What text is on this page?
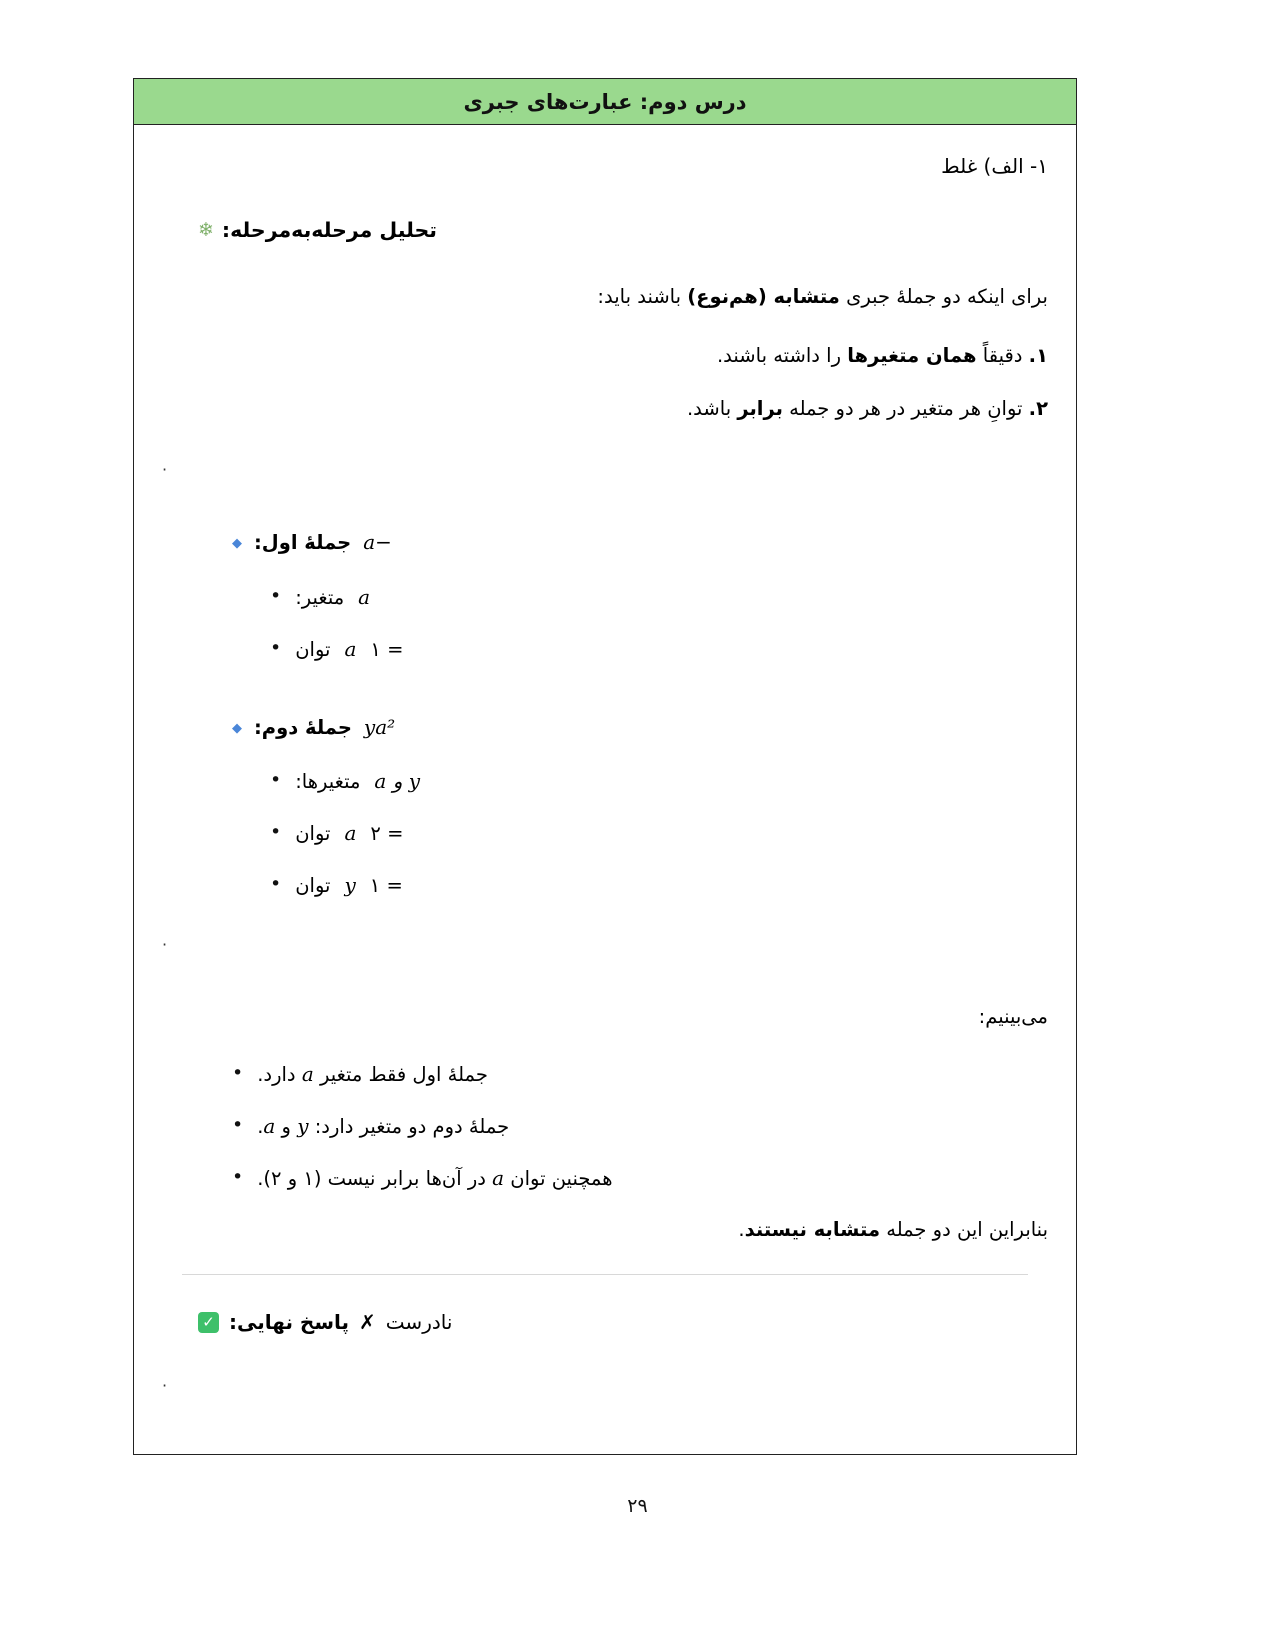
درس دوم: عبارت‌های جبری
۱- الف) غلط
❄ تحلیل مرحله‌به‌مرحله:
برای اینکه دو جملهٔ جبری متشابه (هم‌نوع) باشند باید:
۱. دقیقاً همان متغیرها را داشته باشند.
۲. توانِ هر متغیر در هر دو جمله برابر باشد.
·
◆ جملهٔ اول: −a
• متغیر: a
• توان a = ۱
◆ جملهٔ دوم: ya²
• متغیرها: y و a
• توان a = ۲
• توان y = ۱
·
می‌بینیم:
•	جملهٔ اول فقط متغیر a دارد.
•	جملهٔ دوم دو متغیر دارد: y و a.
•	همچنین توان a در آن‌ها برابر نیست (۱ و ۲).
بنابراین این دو جمله متشابه نیستند.
✓ پاسخ نهایی: ✗ نادرست
·
۲۹
